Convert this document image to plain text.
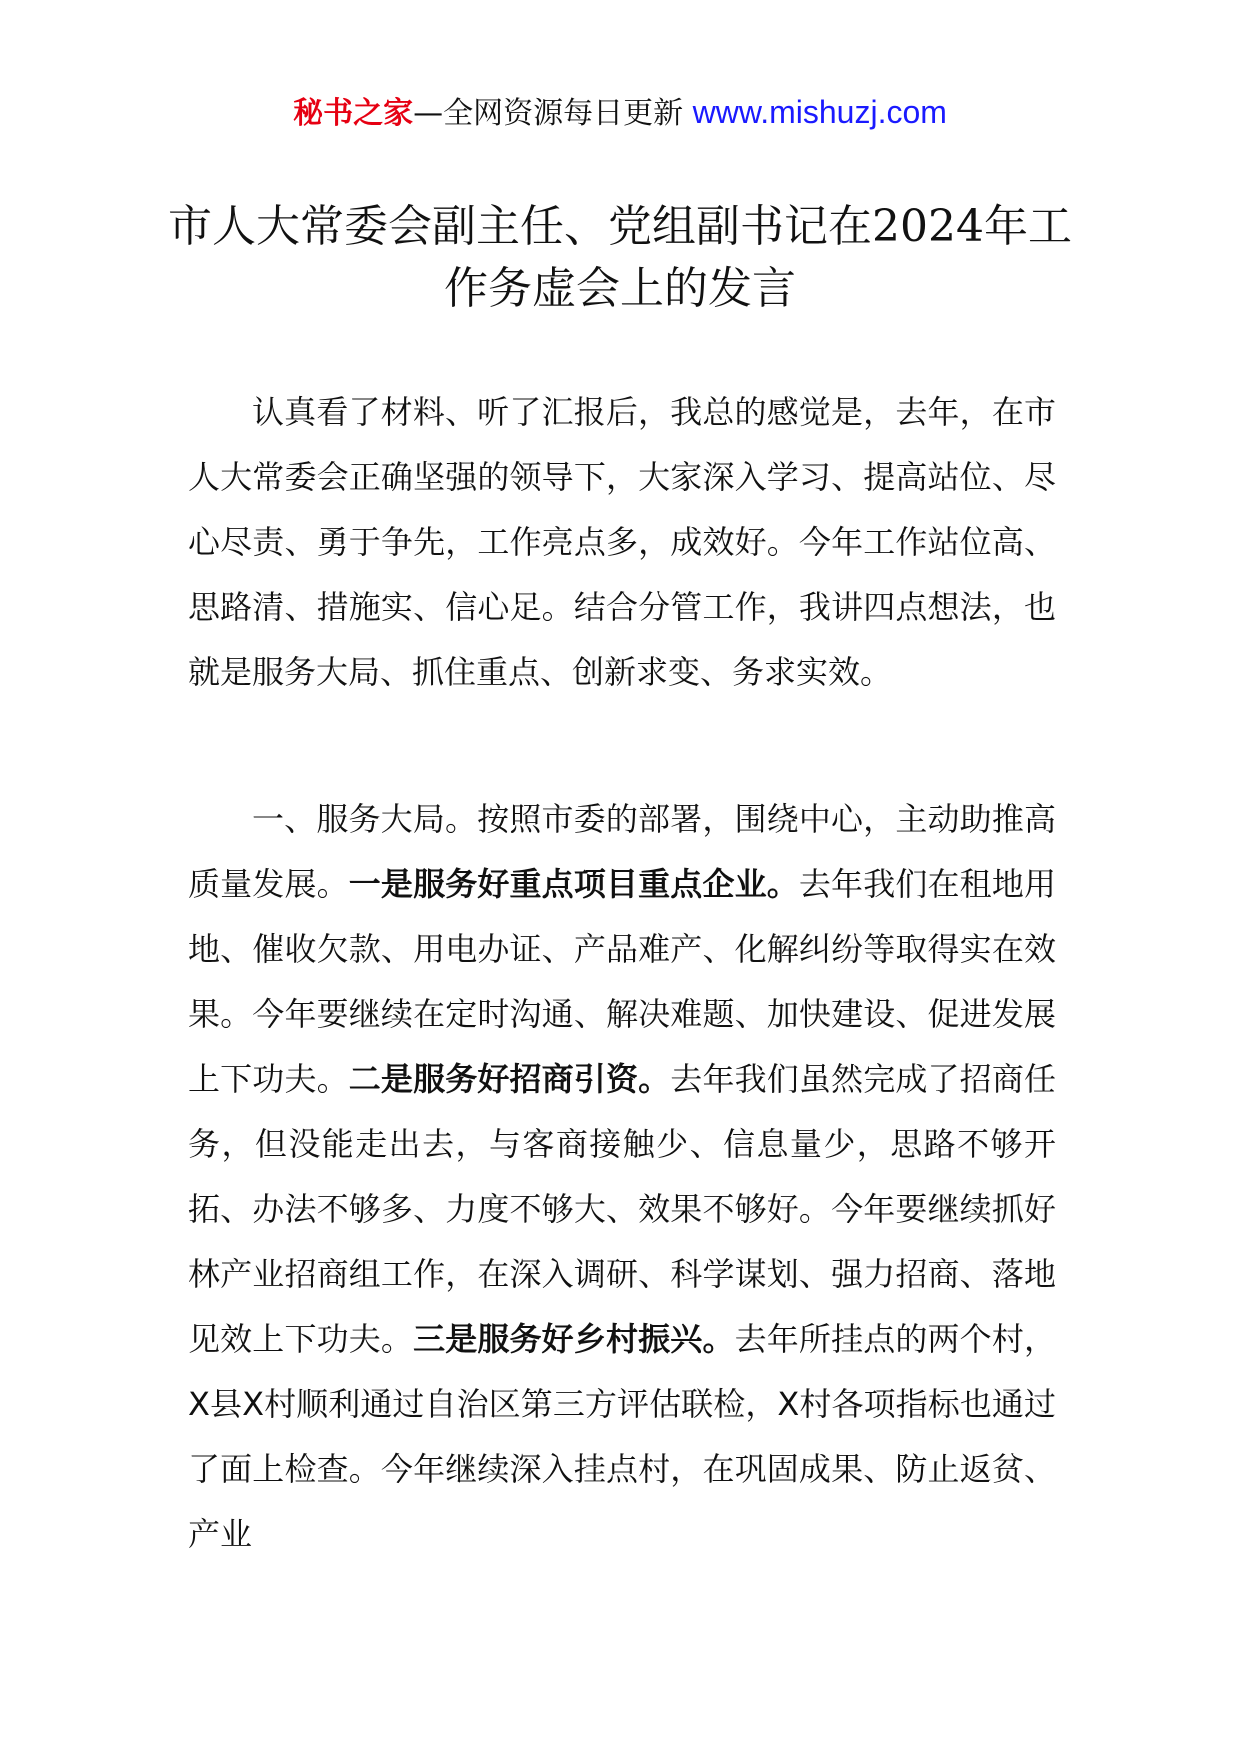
秘书之家—全网资源每日更新 www.mishuzj.com
市人大常委会副主任、党组副书记在2024年工作务虚会上的发言

认真看了材料、听了汇报后，我总的感觉是，去年，在市人大常委会正确坚强的领导下，大家深入学习、提高站位、尽心尽责、勇于争先，工作亮点多，成效好。今年工作站位高、思路清、措施实、信心足。结合分管工作，我讲四点想法，也就是服务大局、抓住重点、创新求变、务求实效。

一、服务大局。按照市委的部署，围绕中心，主动助推高质量发展。一是服务好重点项目重点企业。去年我们在租地用地、催收欠款、用电办证、产品难产、化解纠纷等取得实在效果。今年要继续在定时沟通、解决难题、加快建设、促进发展上下功夫。二是服务好招商引资。去年我们虽然完成了招商任务，但没能走出去，与客商接触少、信息量少，思路不够开拓、办法不够多、力度不够大、效果不够好。今年要继续抓好林产业招商组工作，在深入调研、科学谋划、强力招商、落地见效上下功夫。三是服务好乡村振兴。去年所挂点的两个村，X县X村顺利通过自治区第三方评估联检，X村各项指标也通过了面上检查。今年继续深入挂点村，在巩固成果、防止返贫、产业
